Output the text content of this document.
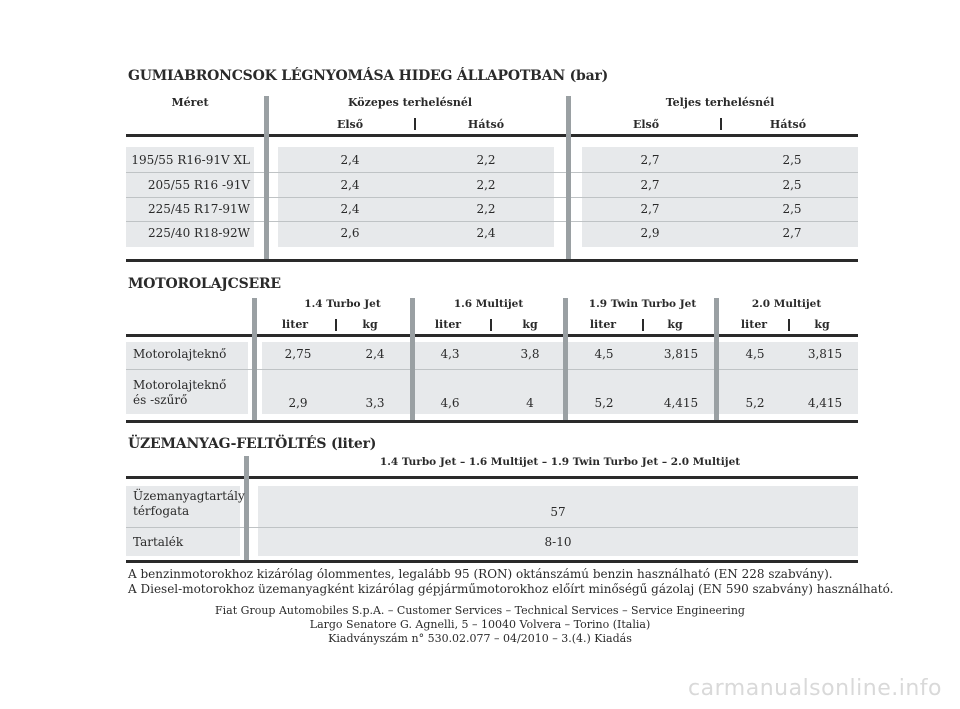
GUMIABRONCSOK LÉGNYOMÁSA HIDEG ÁLLAPOTBAN (bar)
Méret	Közepes terhelésnél	Teljes terhelésnél
Első	Hátsó	Első	Hátsó
195/55 R16-91V XL	2,4	2,2	2,7	2,5
205/55 R16 -91V	2,4	2,2	2,7	2,5
225/45 R17-91W	2,4	2,2	2,7	2,5
225/40 R18-92W	2,6	2,4	2,9	2,7
MOTOROLAJCSERE
1.4 Turbo Jet	1.6 Multijet	1.9 Twin Turbo Jet	2.0 Multijet
liter	kg	liter	kg	liter	kg	liter	kg
Motorolajteknő	2,75	2,4	4,3	3,8	4,5	3,815	4,5	3,815
Motorolajteknő
és -szűrő	2,9	3,3	4,6	4	5,2	4,415	5,2	4,415
ÜZEMANYAG-FELTÖLTÉS (liter)
1.4 Turbo Jet – 1.6 Multijet – 1.9 Twin Turbo Jet – 2.0 Multijet
Üzemanyagtartály
térfogata	57
Tartalék	8-10
A benzinmotorokhoz kizárólag ólommentes, legalább 95 (RON) oktánszámú benzin használható (EN 228 szabvány).
A Diesel-motorokhoz üzemanyagként kizárólag gépjárműmotorokhoz előírt minőségű gázolaj (EN 590 szabvány) használható.
Fiat Group Automobiles S.p.A. – Customer Services – Technical Services – Service Engineering
Largo Senatore G. Agnelli, 5 – 10040 Volvera – Torino (Italia)
Kiadványszám n° 530.02.077 – 04/2010 – 3.(4.) Kiadás
carmanualsonline.info
